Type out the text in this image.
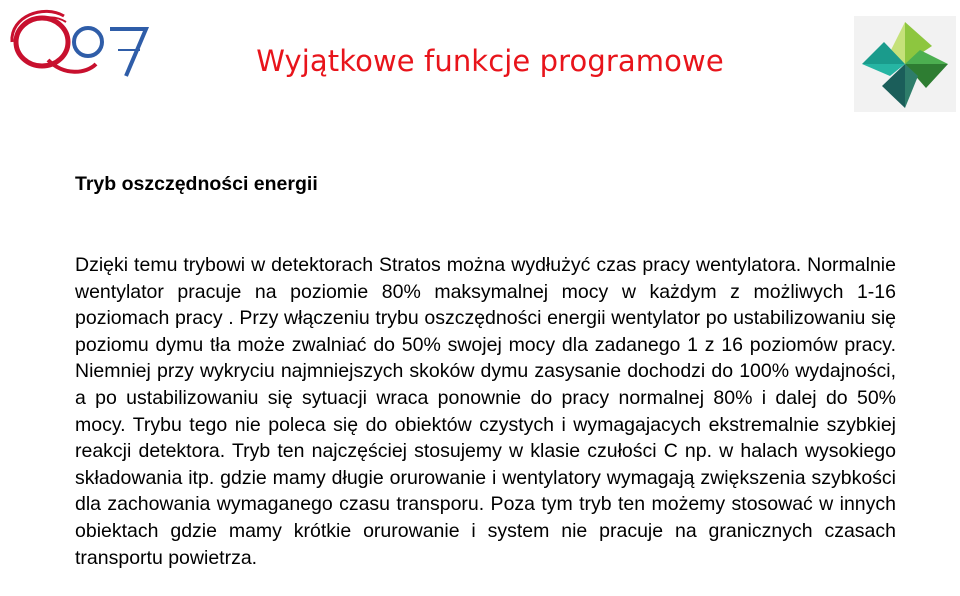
Wyjątkowe funkcje programowe
Tryb oszczędności energii

Dzięki temu trybowi w detektorach Stratos można wydłużyć czas pracy wentylatora. Normalnie wentylator pracuje na poziomie 80% maksymalnej mocy w każdym z możliwych 1-16 poziomach pracy . Przy włączeniu trybu oszczędności energii wentylator po ustabilizowaniu się poziomu dymu tła może zwalniać do 50% swojej mocy dla zadanego 1 z 16 poziomów pracy. Niemniej przy wykryciu najmniejszych skoków dymu zasysanie dochodzi do 100% wydajności, a po ustabilizowaniu się sytuacji wraca ponownie do pracy normalnej 80% i dalej do 50% mocy. Trybu tego nie poleca się do obiektów czystych i wymagajacych ekstremalnie szybkiej reakcji detektora. Tryb ten najczęściej stosujemy w klasie czułości C np. w halach wysokiego składowania itp. gdzie mamy długie orurowanie i wentylatory wymagają zwiększenia szybkości dla zachowania wymaganego czasu transporu. Poza tym tryb ten możemy stosować w innych obiektach gdzie mamy krótkie orurowanie i system nie pracuje na granicznych czasach transportu powietrza.
